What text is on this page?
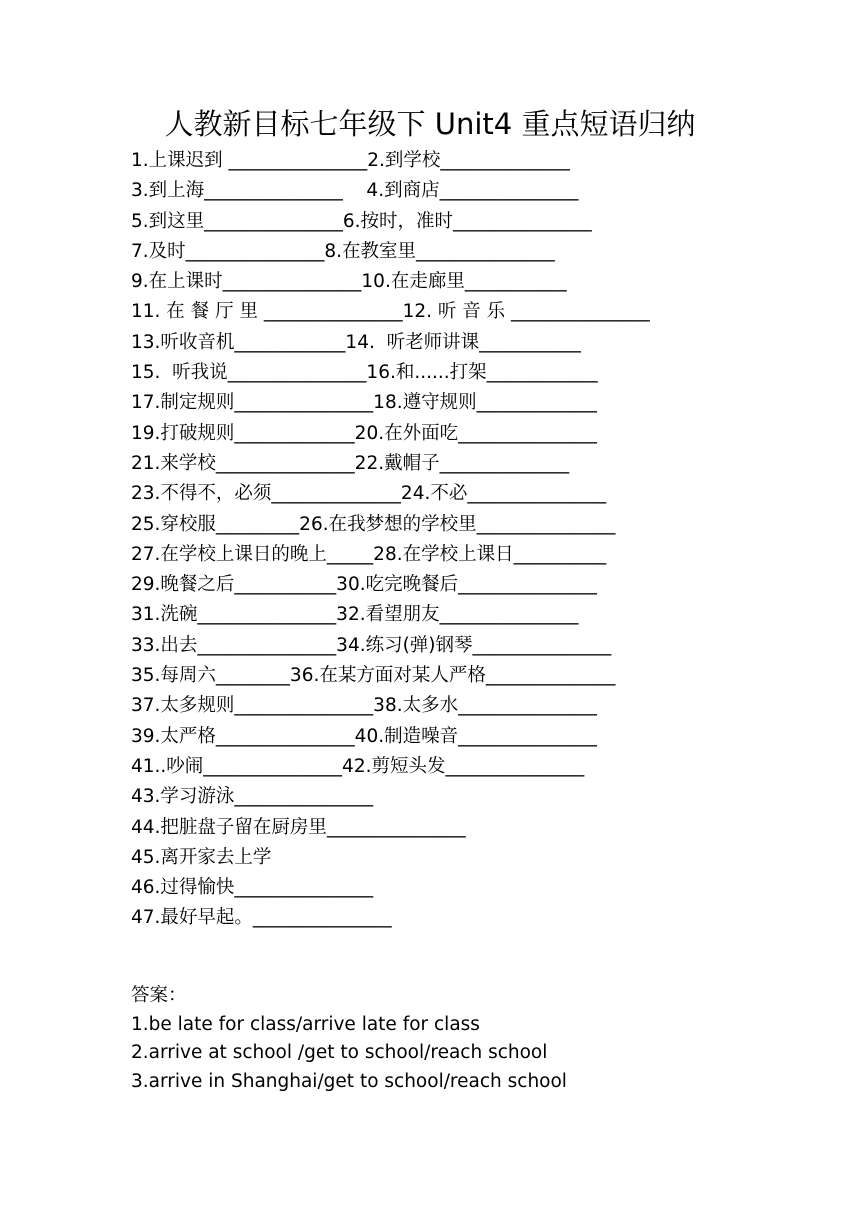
人教新目标七年级下 Unit4 重点短语归纳
1.上课迟到 _______________2.到学校______________
3.到上海_______________    4.到商店_______________
5.到这里_______________6.按时，准时_______________
7.及时_______________8.在教室里_______________
9.在上课时_______________10.在走廊里___________
11. 在 餐 厅 里 _______________12. 听 音 乐 _______________
13.听收音机____________14.  听老师讲课___________
15.  听我说_______________16.和......打架____________
17.制定规则_______________18.遵守规则_____________
19.打破规则_____________20.在外面吃_______________
21.来学校_______________22.戴帽子______________
23.不得不，必须______________24.不必_______________
25.穿校服_________26.在我梦想的学校里_______________
27.在学校上课日的晚上_____28.在学校上课日__________
29.晚餐之后___________30.吃完晚餐后_______________
31.洗碗_______________32.看望朋友_______________
33.出去_______________34.练习(弹)钢琴_______________
35.每周六________36.在某方面对某人严格______________
37.太多规则_______________38.太多水_______________
39.太严格_______________40.制造噪音_______________
41..吵闹_______________42.剪短头发_______________
43.学习游泳_______________
44.把脏盘子留在厨房里_______________
45.离开家去上学
46.过得愉快_______________
47.最好早起。_______________
答案：
1.be late for class/arrive late for class
2.arrive at school /get to school/reach school
3.arrive in Shanghai/get to school/reach school
